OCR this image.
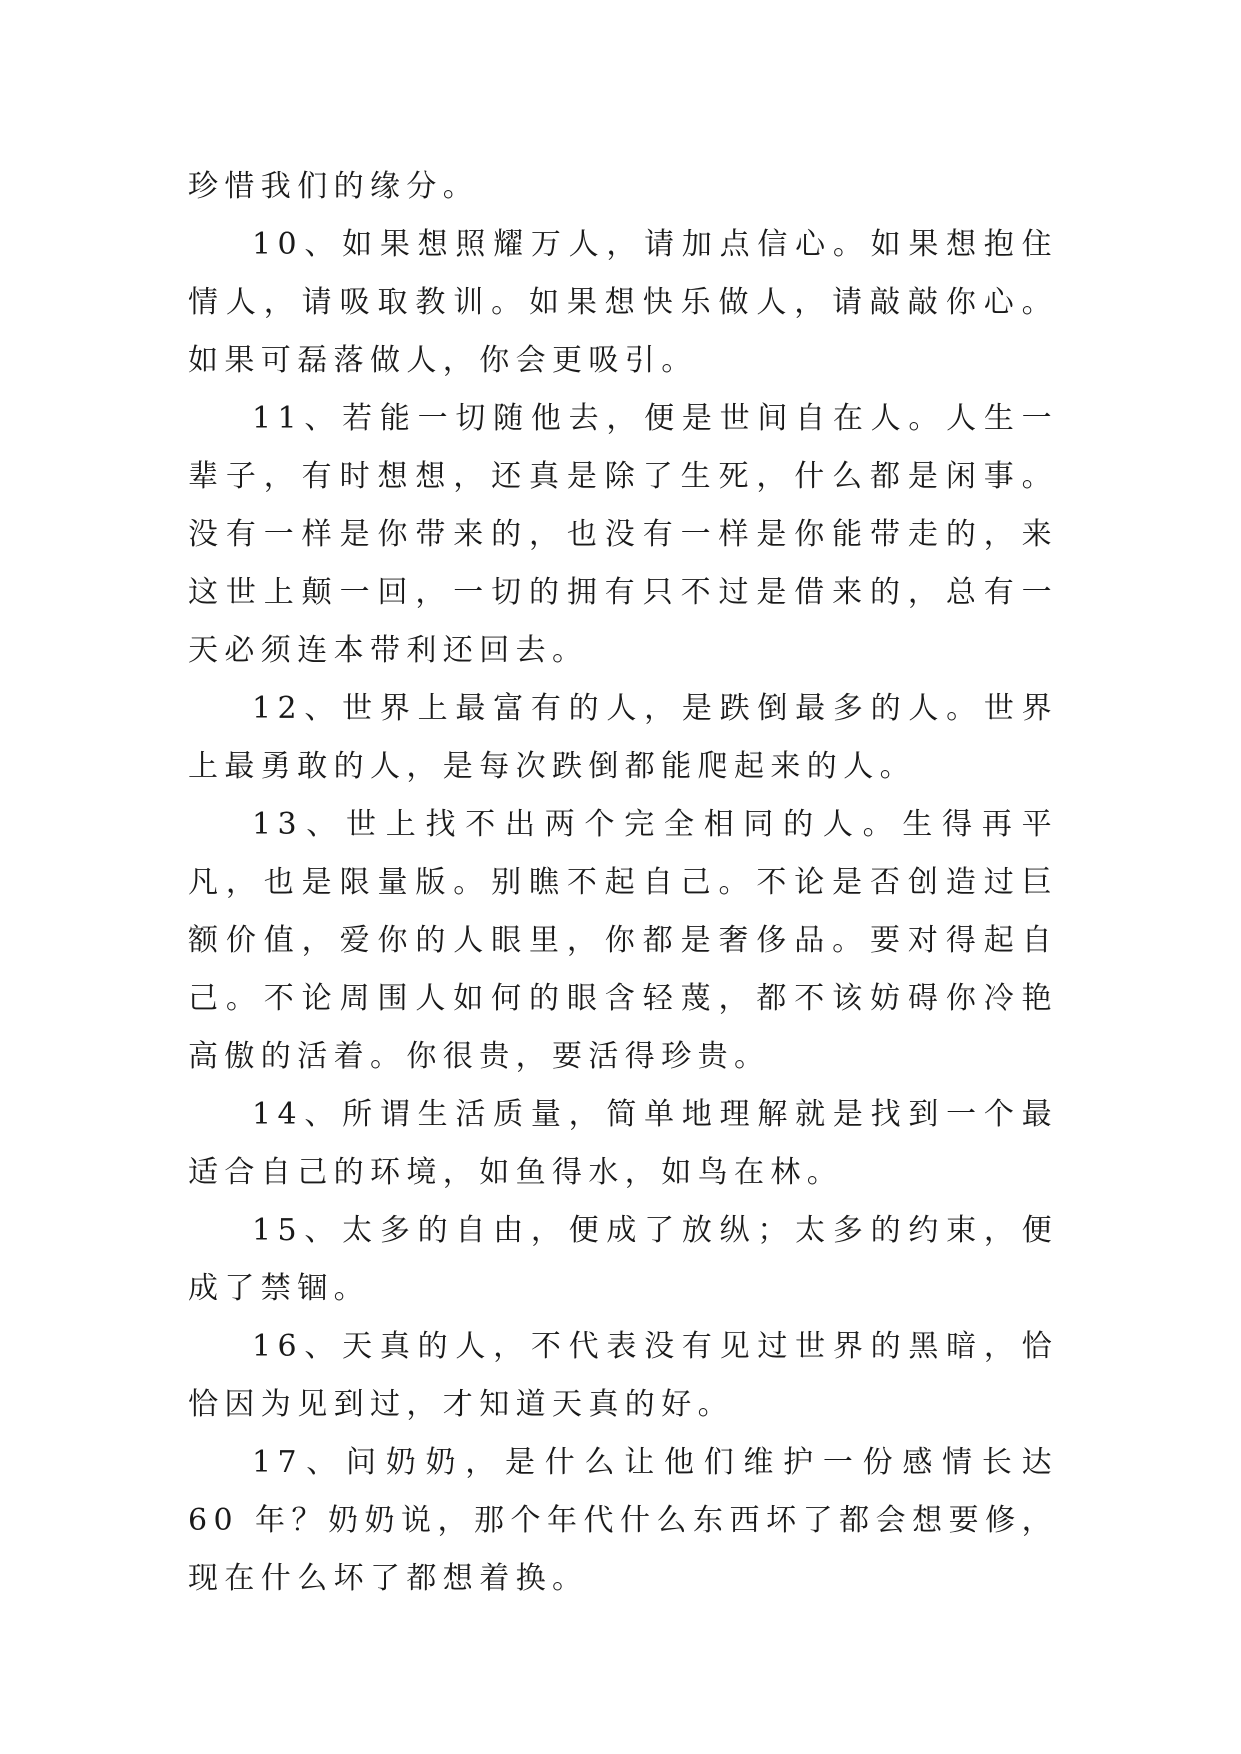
珍惜我们的缘分。

10、如果想照耀万人，请加点信心。如果想抱住情人，请吸取教训。如果想快乐做人，请敲敲你心。如果可磊落做人，你会更吸引。

11、若能一切随他去，便是世间自在人。人生一辈子，有时想想，还真是除了生死，什么都是闲事。没有一样是你带来的，也没有一样是你能带走的，来这世上颠一回，一切的拥有只不过是借来的，总有一天必须连本带利还回去。

12、世界上最富有的人，是跌倒最多的人。世界上最勇敢的人，是每次跌倒都能爬起来的人。

13、世上找不出两个完全相同的人。生得再平凡，也是限量版。别瞧不起自己。不论是否创造过巨额价值，爱你的人眼里，你都是奢侈品。要对得起自己。不论周围人如何的眼含轻蔑，都不该妨碍你冷艳高傲的活着。你很贵，要活得珍贵。

14、所谓生活质量，简单地理解就是找到一个最适合自己的环境，如鱼得水，如鸟在林。

15、太多的自由，便成了放纵；太多的约束，便成了禁锢。

16、天真的人，不代表没有见过世界的黑暗，恰恰因为见到过，才知道天真的好。

17、问奶奶，是什么让他们维护一份感情长达 60 年？奶奶说，那个年代什么东西坏了都会想要修，现在什么坏了都想着换。
